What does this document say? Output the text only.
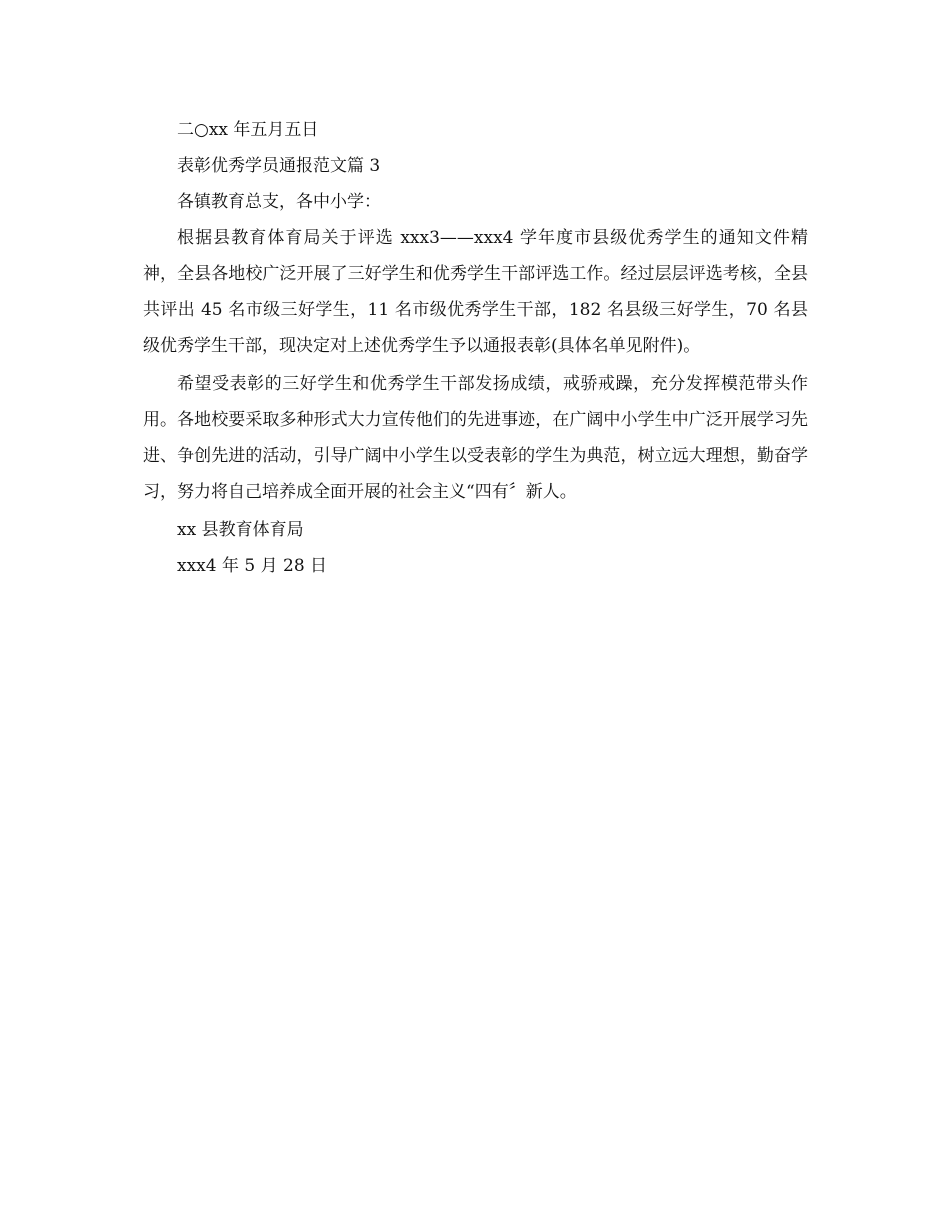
二○xx 年五月五日

表彰优秀学员通报范文篇 3

各镇教育总支，各中小学：

根据县教育体育局关于评选 xxx3——xxx4 学年度市县级优秀学生的通知文件精神，全县各地校广泛开展了三好学生和优秀学生干部评选工作。经过层层评选考核，全县共评出 45 名市级三好学生，11 名市级优秀学生干部，182 名县级三好学生，70 名县级优秀学生干部，现决定对上述优秀学生予以通报表彰(具体名单见附件)。

希望受表彰的三好学生和优秀学生干部发扬成绩，戒骄戒躁，充分发挥模范带头作用。各地校要采取多种形式大力宣传他们的先进事迹，在广阔中小学生中广泛开展学习先进、争创先进的活动，引导广阔中小学生以受表彰的学生为典范，树立远大理想，勤奋学习，努力将自己培养成全面开展的社会主义“四有〞新人。

xx 县教育体育局

xxx4 年 5 月 28 日
